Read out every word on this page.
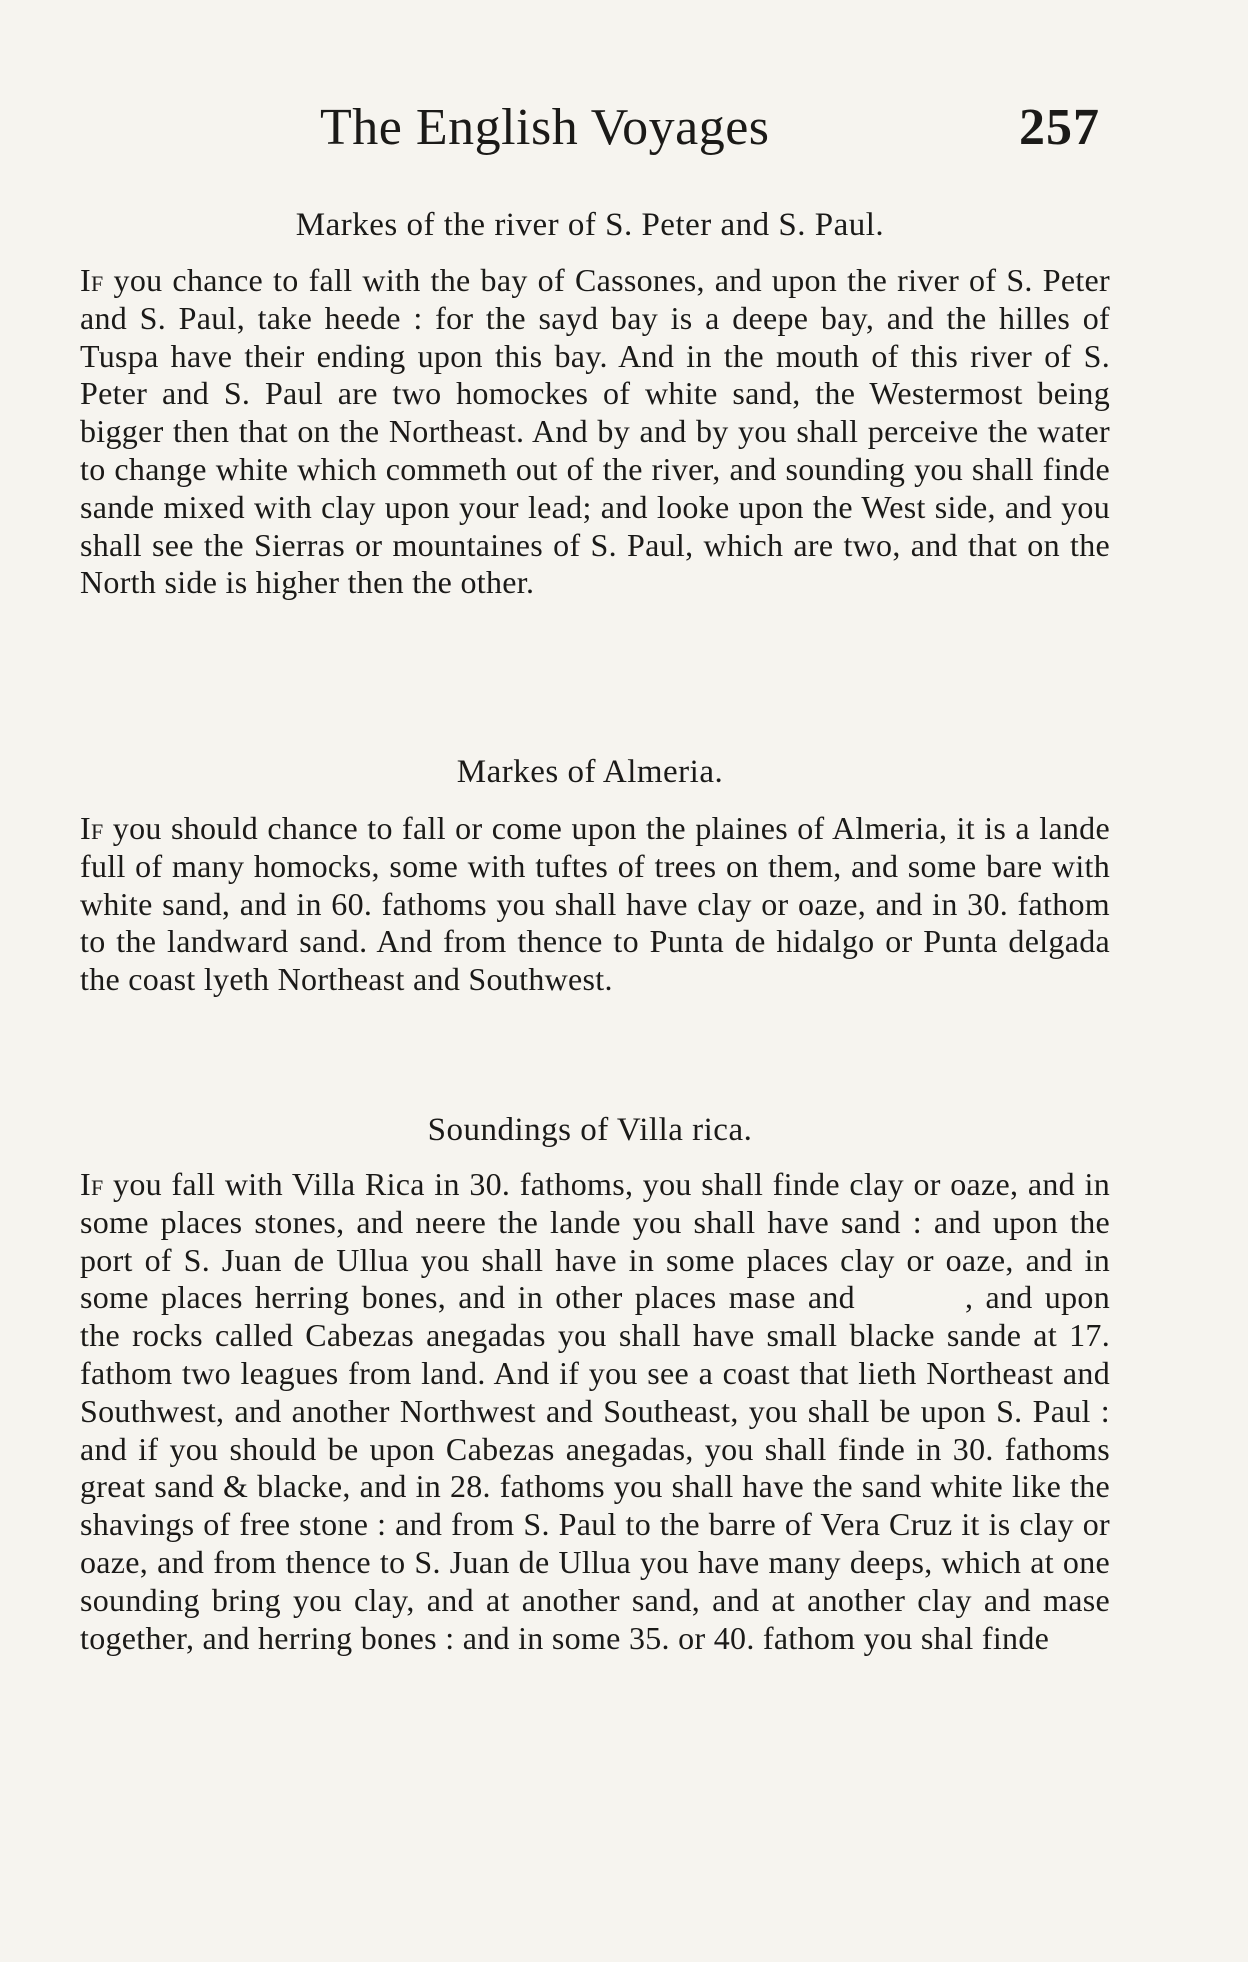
The English Voyages	257
Markes of the river of S. Peter and S. Paul.

If you chance to fall with the bay of Cassones, and upon the river of S. Peter and S. Paul, take heede : for the sayd bay is a deepe bay, and the hilles of Tuspa have their ending upon this bay. And in the mouth of this river of S. Peter and S. Paul are two homockes of white sand, the Westermost being bigger then that on the Northeast. And by and by you shall perceive the water to change white which commeth out of the river, and sounding you shall finde sande mixed with clay upon your lead; and looke upon the West side, and you shall see the Sierras or mountaines of S. Paul, which are two, and that on the North side is higher then the other.

Markes of Almeria.

If you should chance to fall or come upon the plaines of Almeria, it is a lande full of many homocks, some with tuftes of trees on them, and some bare with white sand, and in 60. fathoms you shall have clay or oaze, and in 30. fathom to the landward sand. And from thence to Punta de hidalgo or Punta delgada the coast lyeth Northeast and Southwest.

Soundings of Villa rica.

If you fall with Villa Rica in 30. fathoms, you shall finde clay or oaze, and in some places stones, and neere the lande you shall have sand : and upon the port of S. Juan de Ullua you shall have in some places clay or oaze, and in some places herring bones, and in other places mase and	, and upon the rocks called Cabezas anegadas you shall have small blacke sande at 17. fathom two leagues from land. And if you see a coast that lieth Northeast and Southwest, and another Northwest and Southeast, you shall be upon S. Paul : and if you should be upon Cabezas anegadas, you shall finde in 30. fathoms great sand & blacke, and in 28. fathoms you shall have the sand white like the shavings of free stone : and from S. Paul to the barre of Vera Cruz it is clay or oaze, and from thence to S. Juan de Ullua you have many deeps, which at one sounding bring you clay, and at another sand, and at another clay and mase together, and herring bones : and in some 35. or 40. fathom you shal finde
